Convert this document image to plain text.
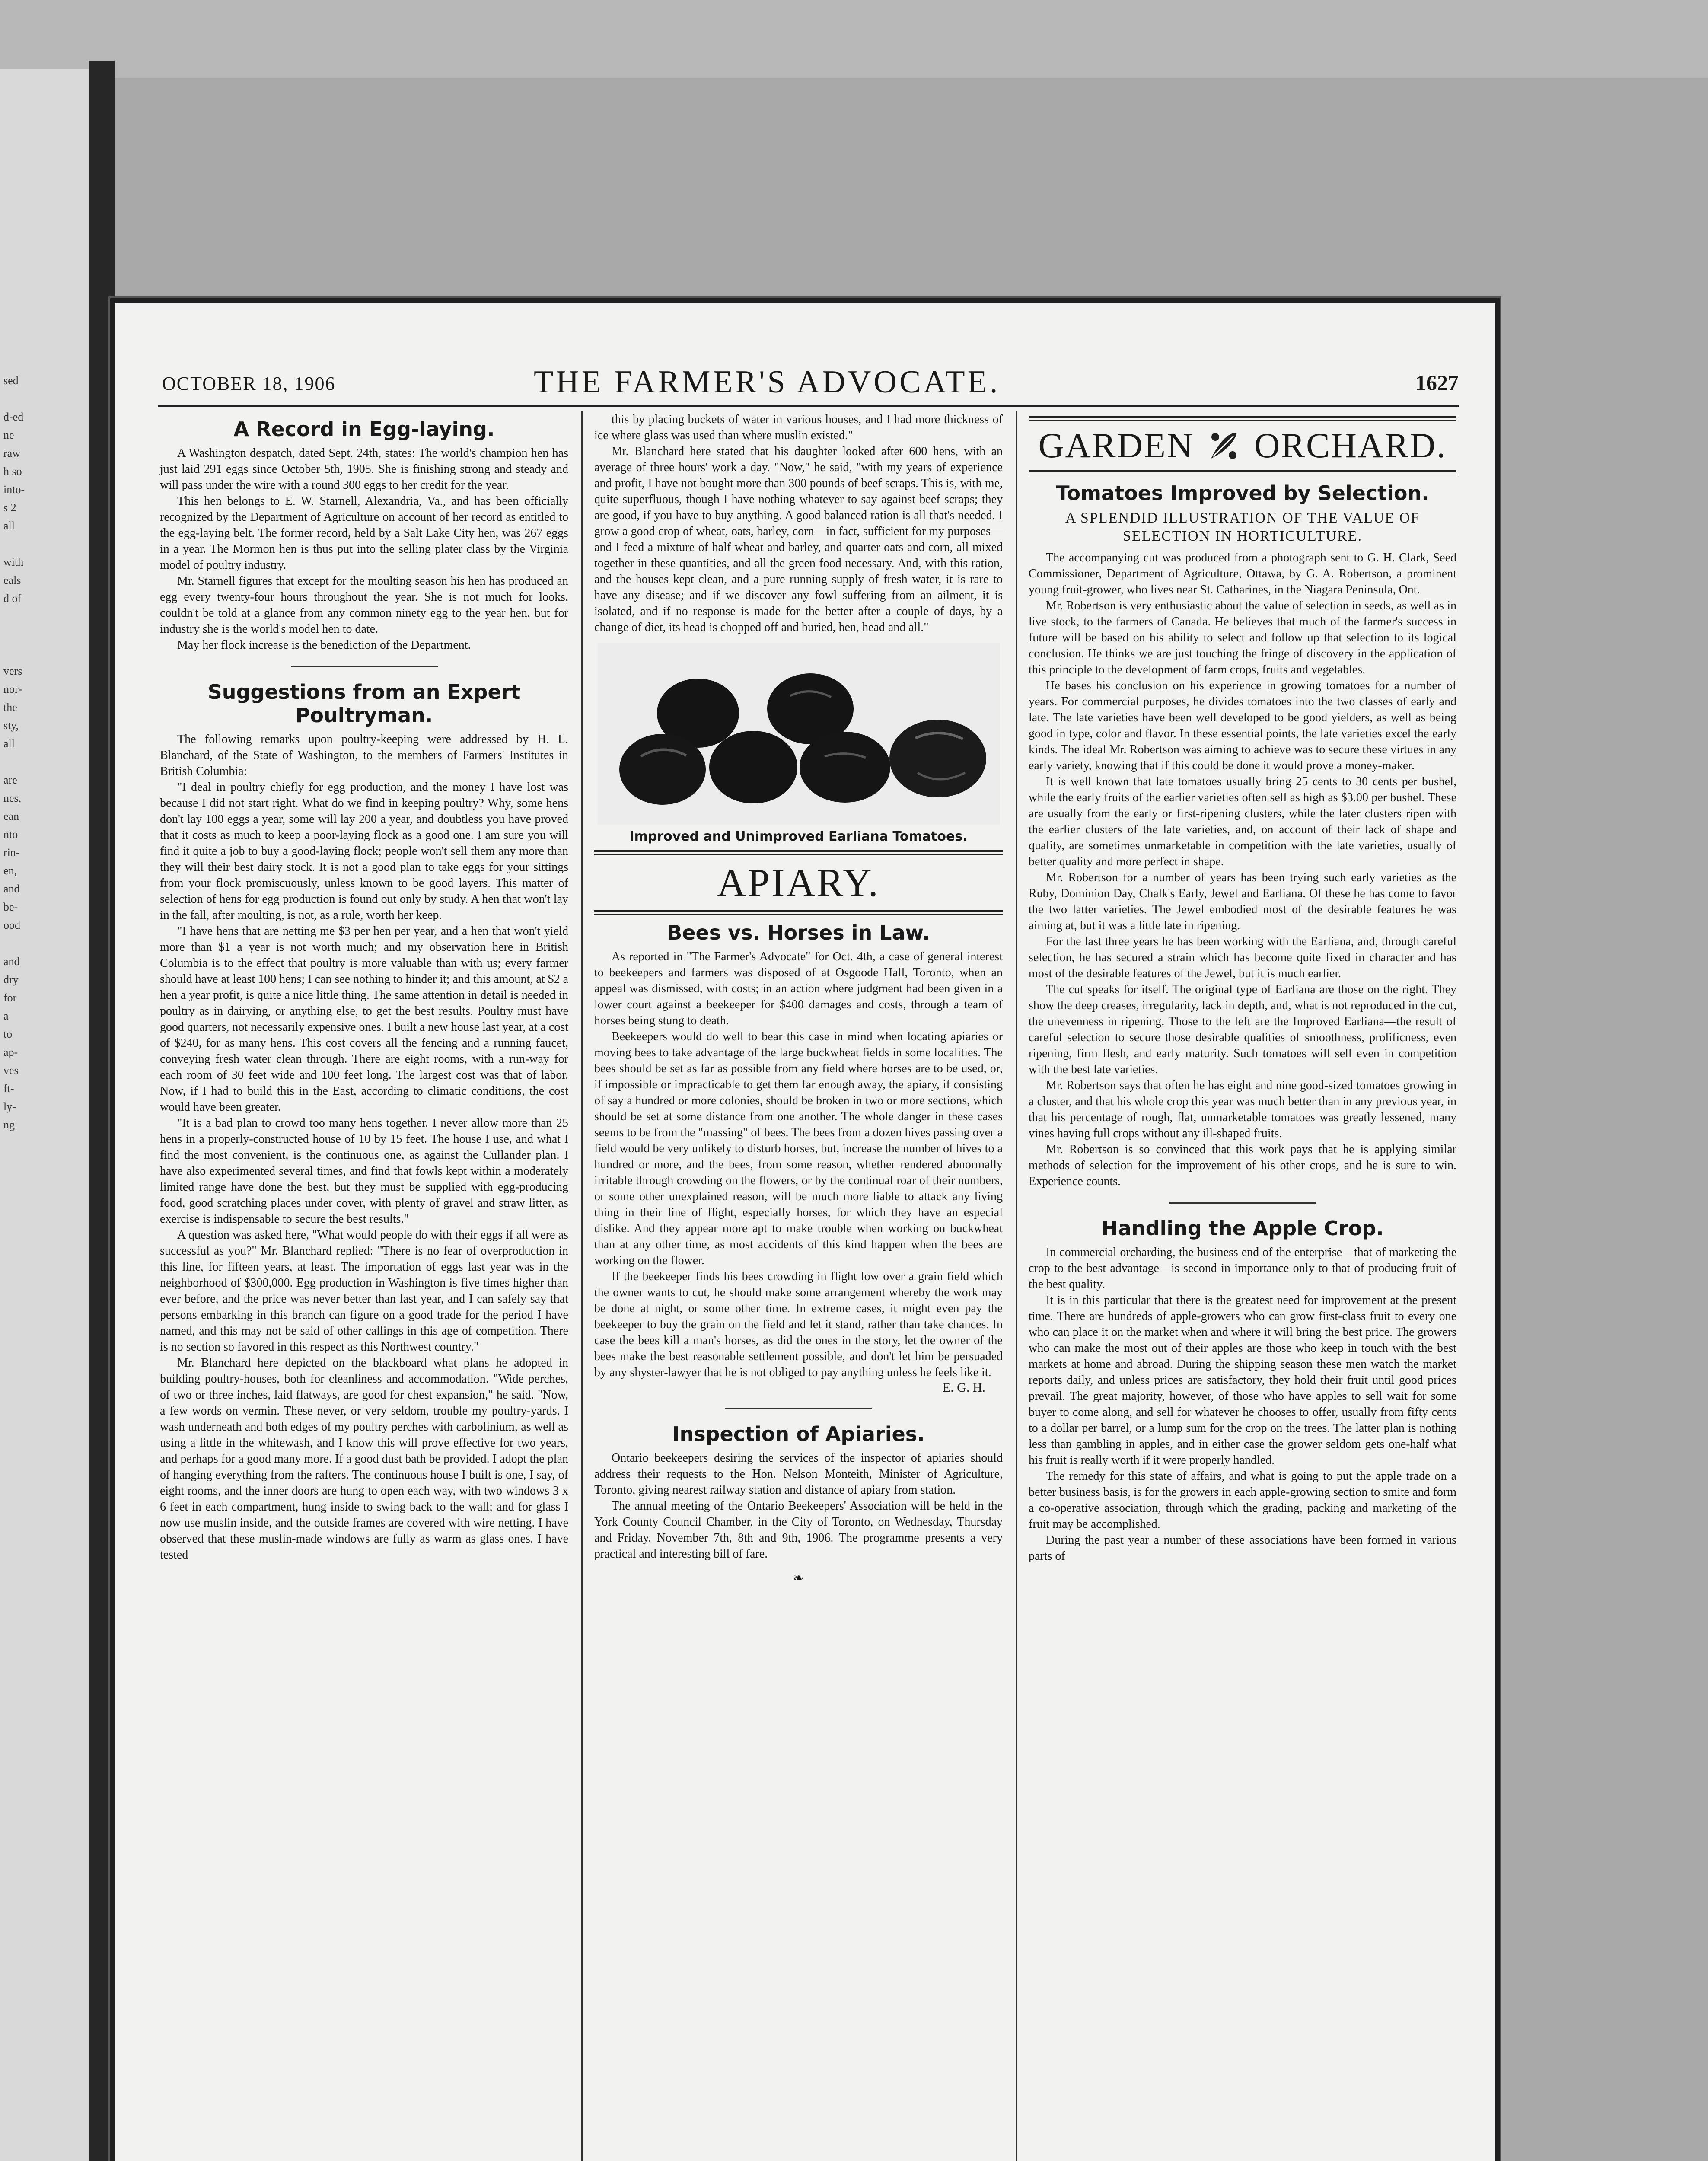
sed
d-ed
ne
raw
h so
into-
s 2
all
with
eals
d of
vers
nor-
the
sty,
all
are
nes,
ean
nto
rin-
en,
and
be-
ood
and
dry
for
a
to
ap-
ves
ft-
ly-
ng
OCTOBER 18, 1906	THE FARMER'S ADVOCATE.	1627
A Record in Egg-laying.

A Washington despatch, dated Sept. 24th, states: The world's champion hen has just laid 291 eggs since October 5th, 1905. She is finishing strong and steady and will pass under the wire with a round 300 eggs to her credit for the year.

This hen belongs to E. W. Starnell, Alexandria, Va., and has been officially recognized by the Department of Agriculture on account of her record as entitled to the egg-laying belt. The former record, held by a Salt Lake City hen, was 267 eggs in a year. The Mormon hen is thus put into the selling plater class by the Virginia model of poultry industry.

Mr. Starnell figures that except for the moulting season his hen has produced an egg every twenty-four hours throughout the year. She is not much for looks, couldn't be told at a glance from any common ninety egg to the year hen, but for industry she is the world's model hen to date.

May her flock increase is the benediction of the Department.

Suggestions from an Expert Poultryman.

The following remarks upon poultry-keeping were addressed by H. L. Blanchard, of the State of Washington, to the members of Farmers' Institutes in British Columbia:

"I deal in poultry chiefly for egg production, and the money I have lost was because I did not start right. What do we find in keeping poultry? Why, some hens don't lay 100 eggs a year, some will lay 200 a year, and doubtless you have proved that it costs as much to keep a poor-laying flock as a good one. I am sure you will find it quite a job to buy a good-laying flock; people won't sell them any more than they will their best dairy stock. It is not a good plan to take eggs for your sittings from your flock promiscuously, unless known to be good layers. This matter of selection of hens for egg production is found out only by study. A hen that won't lay in the fall, after moulting, is not, as a rule, worth her keep.

"I have hens that are netting me $3 per hen per year, and a hen that won't yield more than $1 a year is not worth much; and my observation here in British Columbia is to the effect that poultry is more valuable than with us; every farmer should have at least 100 hens; I can see nothing to hinder it; and this amount, at $2 a hen a year profit, is quite a nice little thing. The same attention in detail is needed in poultry as in dairying, or anything else, to get the best results. Poultry must have good quarters, not necessarily expensive ones. I built a new house last year, at a cost of $240, for as many hens. This cost covers all the fencing and a running faucet, conveying fresh water clean through. There are eight rooms, with a run-way for each room of 30 feet wide and 100 feet long. The largest cost was that of labor. Now, if I had to build this in the East, according to climatic conditions, the cost would have been greater.

"It is a bad plan to crowd too many hens together. I never allow more than 25 hens in a properly-constructed house of 10 by 15 feet. The house I use, and what I find the most convenient, is the continuous one, as against the Cullander plan. I have also experimented several times, and find that fowls kept within a moderately limited range have done the best, but they must be supplied with egg-producing food, good scratching places under cover, with plenty of gravel and straw litter, as exercise is indispensable to secure the best results."

A question was asked here, "What would people do with their eggs if all were as successful as you?" Mr. Blanchard replied: "There is no fear of overproduction in this line, for fifteen years, at least. The importation of eggs last year was in the neighborhood of $300,000. Egg production in Washington is five times higher than ever before, and the price was never better than last year, and I can safely say that persons embarking in this branch can figure on a good trade for the period I have named, and this may not be said of other callings in this age of competition. There is no section so favored in this respect as this Northwest country."

Mr. Blanchard here depicted on the blackboard what plans he adopted in building poultry-houses, both for cleanliness and accommodation. "Wide perches, of two or three inches, laid flatways, are good for chest expansion," he said. "Now, a few words on vermin. These never, or very seldom, trouble my poultry-yards. I wash underneath and both edges of my poultry perches with carbolinium, as well as using a little in the whitewash, and I know this will prove effective for two years, and perhaps for a good many more. If a good dust bath be provided. I adopt the plan of hanging everything from the rafters. The continuous house I built is one, I say, of eight rooms, and the inner doors are hung to open each way, with two windows 3 x 6 feet in each compartment, hung inside to swing back to the wall; and for glass I now use muslin inside, and the outside frames are covered with wire netting. I have observed that these muslin-made windows are fully as warm as glass ones. I have tested

this by placing buckets of water in various houses, and I had more thickness of ice where glass was used than where muslin existed."

Mr. Blanchard here stated that his daughter looked after 600 hens, with an average of three hours' work a day. "Now," he said, "with my years of experience and profit, I have not bought more than 300 pounds of beef scraps. This is, with me, quite superfluous, though I have nothing whatever to say against beef scraps; they are good, if you have to buy anything. A good balanced ration is all that's needed. I grow a good crop of wheat, oats, barley, corn—in fact, sufficient for my purposes—and I feed a mixture of half wheat and barley, and quarter oats and corn, all mixed together in these quantities, and all the green food necessary. And, with this ration, and the houses kept clean, and a pure running supply of fresh water, it is rare to have any disease; and if we discover any fowl suffering from an ailment, it is isolated, and if no response is made for the better after a couple of days, by a change of diet, its head is chopped off and buried, hen, head and all."

Improved and Unimproved Earliana Tomatoes.
APIARY.
Bees vs. Horses in Law.

As reported in "The Farmer's Advocate" for Oct. 4th, a case of general interest to beekeepers and farmers was disposed of at Osgoode Hall, Toronto, when an appeal was dismissed, with costs; in an action where judgment had been given in a lower court against a beekeeper for $400 damages and costs, through a team of horses being stung to death.

Beekeepers would do well to bear this case in mind when locating apiaries or moving bees to take advantage of the large buckwheat fields in some localities. The bees should be set as far as possible from any field where horses are to be used, or, if impossible or impracticable to get them far enough away, the apiary, if consisting of say a hundred or more colonies, should be broken in two or more sections, which should be set at some distance from one another. The whole danger in these cases seems to be from the "massing" of bees. The bees from a dozen hives passing over a field would be very unlikely to disturb horses, but, increase the number of hives to a hundred or more, and the bees, from some reason, whether rendered abnormally irritable through crowding on the flowers, or by the continual roar of their numbers, or some other unexplained reason, will be much more liable to attack any living thing in their line of flight, especially horses, for which they have an especial dislike. And they appear more apt to make trouble when working on buckwheat than at any other time, as most accidents of this kind happen when the bees are working on the flower.

If the beekeeper finds his bees crowding in flight low over a grain field which the owner wants to cut, he should make some arrangement whereby the work may be done at night, or some other time. In extreme cases, it might even pay the beekeeper to buy the grain on the field and let it stand, rather than take chances. In case the bees kill a man's horses, as did the ones in the story, let the owner of the bees make the best reasonable settlement possible, and don't let him be persuaded by any shyster-lawyer that he is not obliged to pay anything unless he feels like it.

E. G. H.
Inspection of Apiaries.

Ontario beekeepers desiring the services of the inspector of apiaries should address their requests to the Hon. Nelson Monteith, Minister of Agriculture, Toronto, giving nearest railway station and distance of apiary from station.

The annual meeting of the Ontario Beekeepers' Association will be held in the York County Council Chamber, in the City of Toronto, on Wednesday, Thursday and Friday, November 7th, 8th and 9th, 1906. The programme presents a very practical and interesting bill of fare.

❧
GARDEN ORCHARD.
Tomatoes Improved by Selection.
A SPLENDID ILLUSTRATION OF THE VALUE OF SELECTION IN HORTICULTURE.

The accompanying cut was produced from a photograph sent to G. H. Clark, Seed Commissioner, Department of Agriculture, Ottawa, by G. A. Robertson, a prominent young fruit-grower, who lives near St. Catharines, in the Niagara Peninsula, Ont.

Mr. Robertson is very enthusiastic about the value of selection in seeds, as well as in live stock, to the farmers of Canada. He believes that much of the farmer's success in future will be based on his ability to select and follow up that selection to its logical conclusion. He thinks we are just touching the fringe of discovery in the application of this principle to the development of farm crops, fruits and vegetables.

He bases his conclusion on his experience in growing tomatoes for a number of years. For commercial purposes, he divides tomatoes into the two classes of early and late. The late varieties have been well developed to be good yielders, as well as being good in type, color and flavor. In these essential points, the late varieties excel the early kinds. The ideal Mr. Robertson was aiming to achieve was to secure these virtues in any early variety, knowing that if this could be done it would prove a money-maker.

It is well known that late tomatoes usually bring 25 cents to 30 cents per bushel, while the early fruits of the earlier varieties often sell as high as $3.00 per bushel. These are usually from the early or first-ripening clusters, while the later clusters ripen with the earlier clusters of the late varieties, and, on account of their lack of shape and quality, are sometimes unmarketable in competition with the late varieties, usually of better quality and more perfect in shape.

Mr. Robertson for a number of years has been trying such early varieties as the Ruby, Dominion Day, Chalk's Early, Jewel and Earliana. Of these he has come to favor the two latter varieties. The Jewel embodied most of the desirable features he was aiming at, but it was a little late in ripening.

For the last three years he has been working with the Earliana, and, through careful selection, he has secured a strain which has become quite fixed in character and has most of the desirable features of the Jewel, but it is much earlier.

The cut speaks for itself. The original type of Earliana are those on the right. They show the deep creases, irregularity, lack in depth, and, what is not reproduced in the cut, the unevenness in ripening. Those to the left are the Improved Earliana—the result of careful selection to secure those desirable qualities of smoothness, prolificness, even ripening, firm flesh, and early maturity. Such tomatoes will sell even in competition with the best late varieties.

Mr. Robertson says that often he has eight and nine good-sized tomatoes growing in a cluster, and that his whole crop this year was much better than in any previous year, in that his percentage of rough, flat, unmarketable tomatoes was greatly lessened, many vines having full crops without any ill-shaped fruits.

Mr. Robertson is so convinced that this work pays that he is applying similar methods of selection for the improvement of his other crops, and he is sure to win. Experience counts.

Handling the Apple Crop.

In commercial orcharding, the business end of the enterprise—that of marketing the crop to the best advantage—is second in importance only to that of producing fruit of the best quality.

It is in this particular that there is the greatest need for improvement at the present time. There are hundreds of apple-growers who can grow first-class fruit to every one who can place it on the market when and where it will bring the best price. The growers who can make the most out of their apples are those who keep in touch with the best markets at home and abroad. During the shipping season these men watch the market reports daily, and unless prices are satisfactory, they hold their fruit until good prices prevail. The great majority, however, of those who have apples to sell wait for some buyer to come along, and sell for whatever he chooses to offer, usually from fifty cents to a dollar per barrel, or a lump sum for the crop on the trees. The latter plan is nothing less than gambling in apples, and in either case the grower seldom gets one-half what his fruit is really worth if it were properly handled.

The remedy for this state of affairs, and what is going to put the apple trade on a better business basis, is for the growers in each apple-growing section to smite and form a co-operative association, through which the grading, packing and marketing of the fruit may be accomplished.

During the past year a number of these associations have been formed in various parts of
